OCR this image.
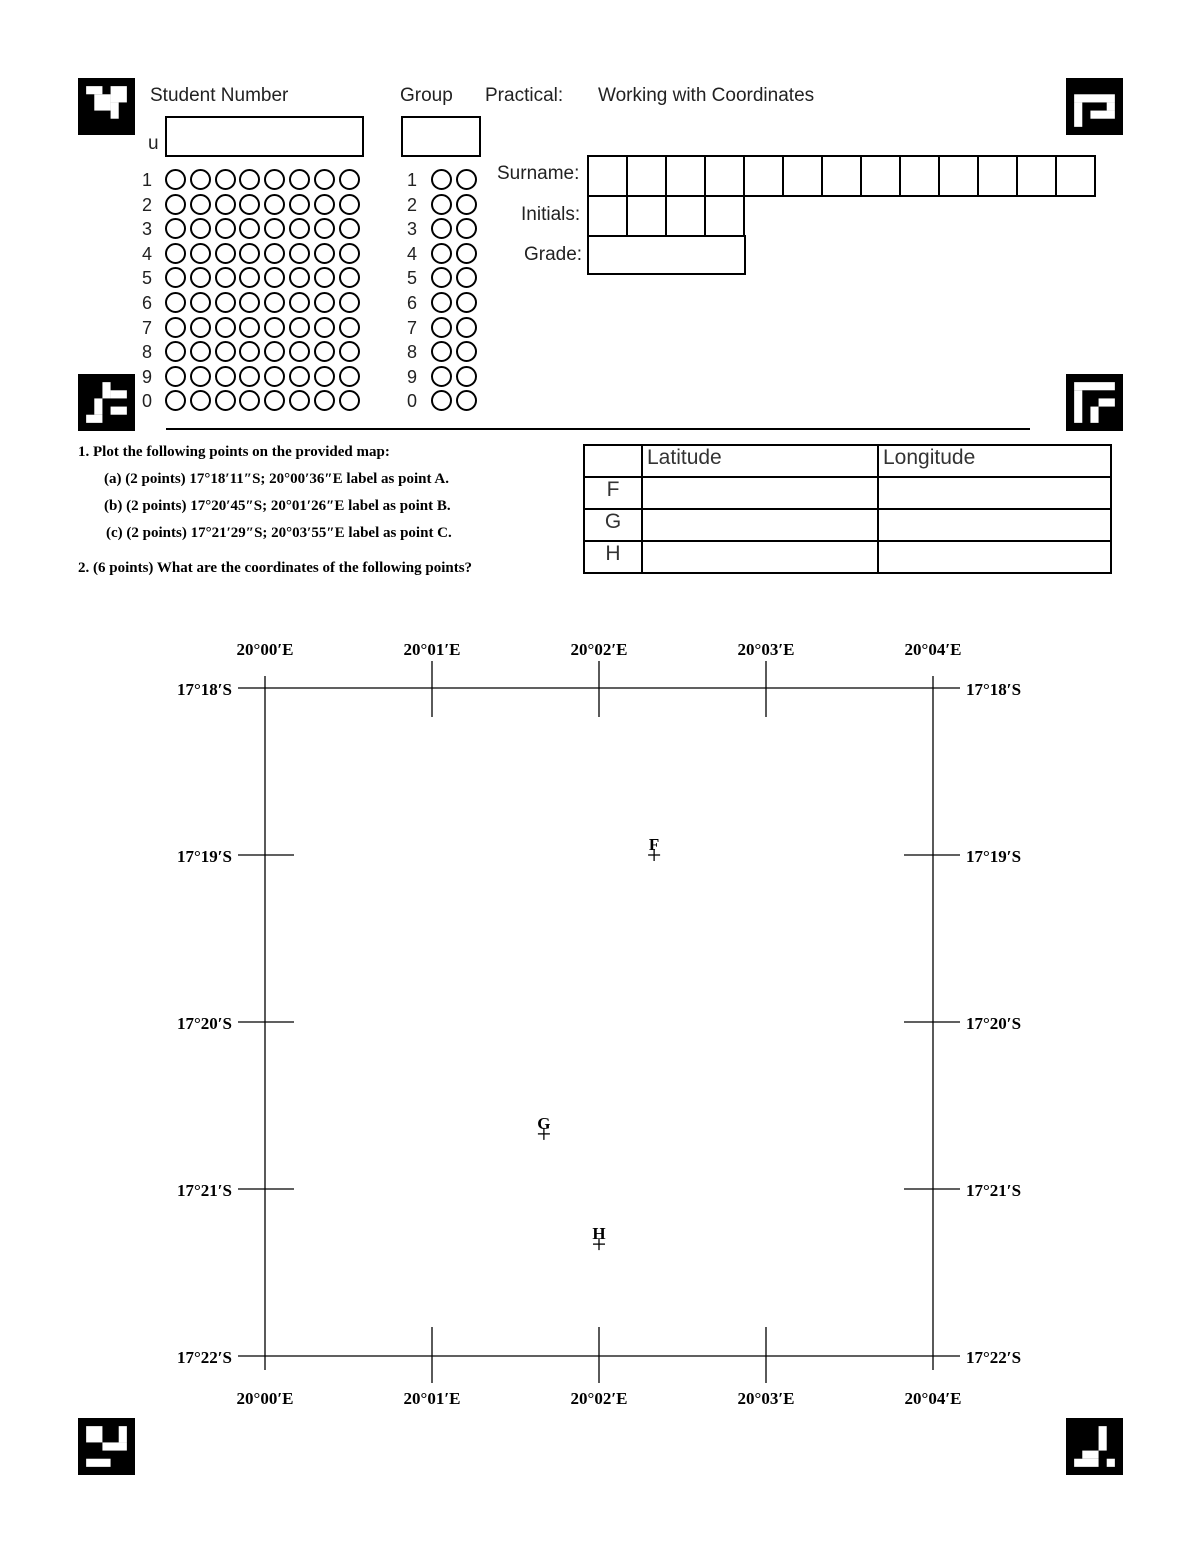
Student Number	Group Practical: Working with Coordinates
u
1
2
3
4
5
6
7
8
9
0
1
2
3
4
5
6
7
8
9
0
Surname:
Initials:
Grade:
1. Plot the following points on the provided map:
(a) (2 points) 17°18′11″S; 20°00′36″E label as point A.
(b) (2 points) 17°20′45″S; 20°01′26″E label as point B.
(c) (2 points) 17°21′29″S; 20°03′55″E label as point C.
2. (6 points) What are the coordinates of the following points?
	Latitude	Longitude
F		
G		
H		
20°00′E	20°01′E	20°02′E	20°03′E	20°04′E
20°00′E	20°01′E	20°02′E	20°03′E	20°04′E
17°18′S
17°19′S
17°20′S
17°21′S
17°22′S
17°18′S
17°19′S
17°20′S
17°21′S
17°22′S
F
G
H
